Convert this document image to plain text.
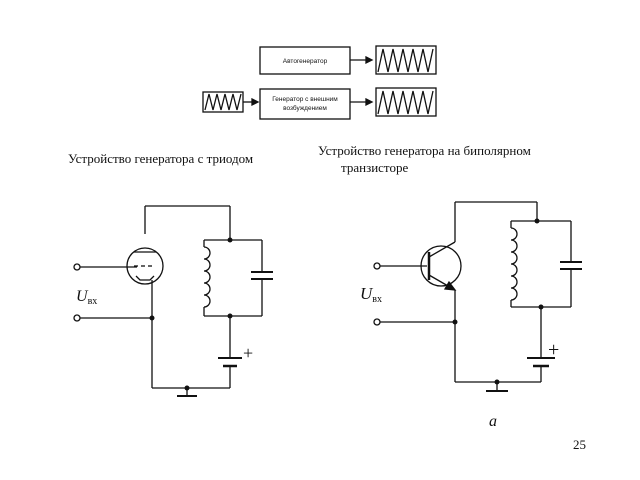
Автогенератор
Генератор с внешним
возбуждением
Uвх
+
Uвх
+
a
Устройство генератора с триодом
Устройство генератора на биполярном
транзисторе
25
